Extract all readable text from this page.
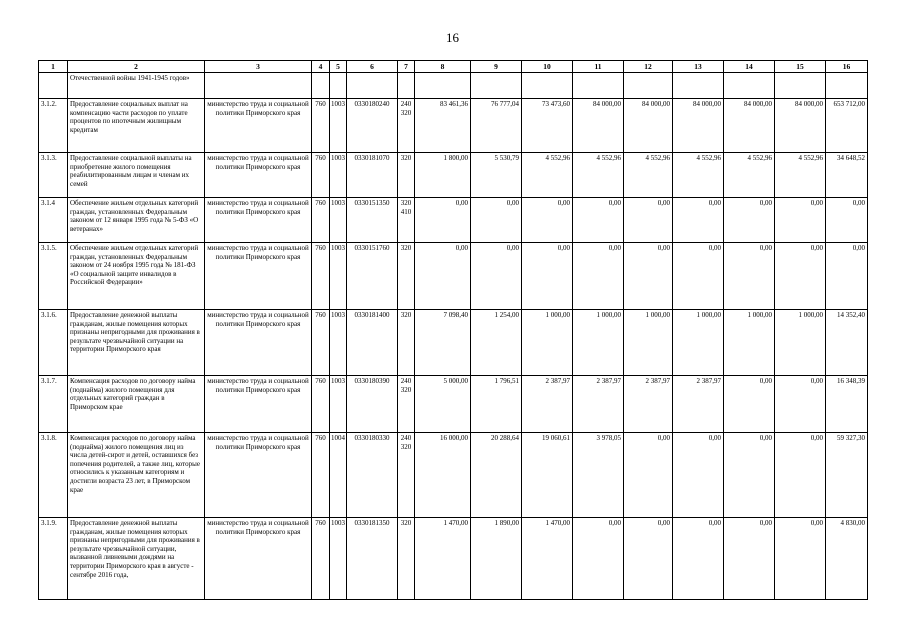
16
1	2	3	4	5	6	7	8	9	10	11	12	13	14	15	16
	Отечественной войны 1941-1945 годов»														
3.1.2.	Предоставление социальных выплат на компенсацию части расходов по уплате процентов по ипотечным жилищным кредитам	министерство труда и социальной политики Приморского края	760	1003	0330180240	240 320	83 461,36	76 777,04	73 473,60	84 000,00	84 000,00	84 000,00	84 000,00	84 000,00	653 712,00
3.1.3.	Предоставление социальной выплаты на приобретение жилого помещения реабилитированным лицам и членам их семей	министерство труда и социальной политики Приморского края	760	1003	0330181070	320	1 800,00	5 530,79	4 552,96	4 552,96	4 552,96	4 552,96	4 552,96	4 552,96	34 648,52
3.1.4	Обеспечение жильем отдельных категорий граждан, установленных Федеральным законом от 12 января 1995 года № 5-ФЗ «О ветеранах»	министерство труда и социальной политики Приморского края	760	1003	0330151350	320 410	0,00	0,00	0,00	0,00	0,00	0,00	0,00	0,00	0,00
3.1.5.	Обеспечение жильем отдельных категорий граждан, установленных Федеральным законом от 24 ноября 1995 года № 181-ФЗ «О социальной защите инвалидов в Российской Федерации»	министерство труда и социальной политики Приморского края	760	1003	0330151760	320	0,00	0,00	0,00	0,00	0,00	0,00	0,00	0,00	0,00
3.1.6.	Предоставление денежной выплаты гражданам, жилые помещения которых признаны непригодными для проживания в результате чрезвычайной ситуации на территории Приморского края	министерство труда и социальной политики Приморского края	760	1003	0330181400	320	7 098,40	1 254,00	1 000,00	1 000,00	1 000,00	1 000,00	1 000,00	1 000,00	14 352,40
3.1.7.	Компенсация расходов по договору найма (поднайма) жилого помещения для отдельных категорий граждан в Приморском крае	министерство труда и социальной политики Приморского края	760	1003	0330180390	240 320	5 000,00	1 796,51	2 387,97	2 387,97	2 387,97	2 387,97	0,00	0,00	16 348,39
3.1.8.	Компенсация расходов по договору найма (поднайма) жилого помещения лиц из числа детей-сирот и детей, оставшихся без попечения родителей, а также лиц, которые относились к указанным категориям и достигли возраста 23 лет, в Приморском крае	министерство труда и социальной политики Приморского края	760	1004	0330180330	240 320	16 000,00	20 288,64	19 060,61	3 978,05	0,00	0,00	0,00	0,00	59 327,30
3.1.9.	Предоставление денежной выплаты гражданам, жилые помещения которых признаны непригодными для проживания в результате чрезвычайной ситуации, вызванной ливневыми дождями на территории Приморского края в августе - сентябре 2016 года,	министерство труда и социальной политики Приморского края	760	1003	0330181350	320	1 470,00	1 890,00	1 470,00	0,00	0,00	0,00	0,00	0,00	4 830,00
